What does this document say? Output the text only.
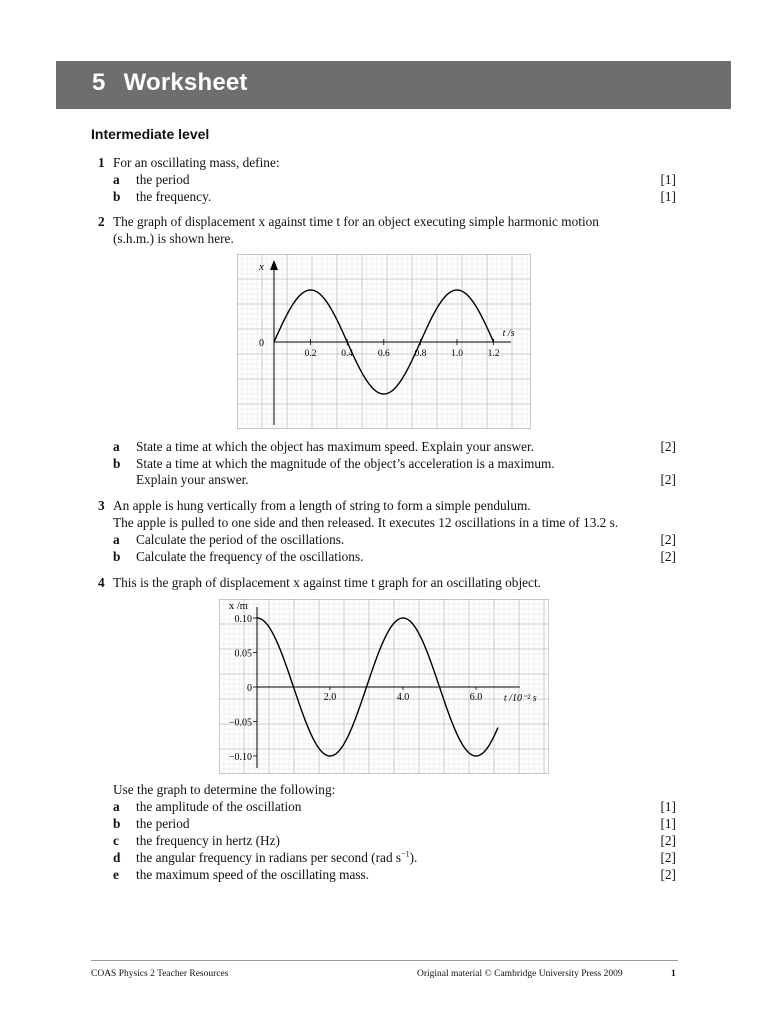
5 Worksheet
Intermediate level
1 For an oscillating mass, define:
a the period	[1]
b the frequency.	[1]
2 The graph of displacement x against time t for an object executing simple harmonic motion
(s.h.m.) is shown here.
x
0
0.2	0.4	0.6	0.8	1.0	1.2
t /s
a State a time at which the object has maximum speed. Explain your answer.	[2]
b State a time at which the magnitude of the object’s acceleration is a maximum.
Explain your answer.	[2]
3 An apple is hung vertically from a length of string to form a simple pendulum.
The apple is pulled to one side and then released. It executes 12 oscillations in a time of 13.2 s.
a Calculate the period of the oscillations.	[2]
b Calculate the frequency of the oscillations.	[2]
4 This is the graph of displacement x against time t graph for an oscillating object.
x /m
0.10
0.05
0
−0.05
−0.10
2.0	4.0	6.0 t /10⁻² s
Use the graph to determine the following:
a the amplitude of the oscillation	[1]
b the period	[1]
c the frequency in hertz (Hz)	[2]
d the angular frequency in radians per second (rad $s^{-1}$).	[2]
e the maximum speed of the oscillating mass.	[2]
COAS Physics 2 Teacher Resources	Original material © Cambridge University Press 2009	1
